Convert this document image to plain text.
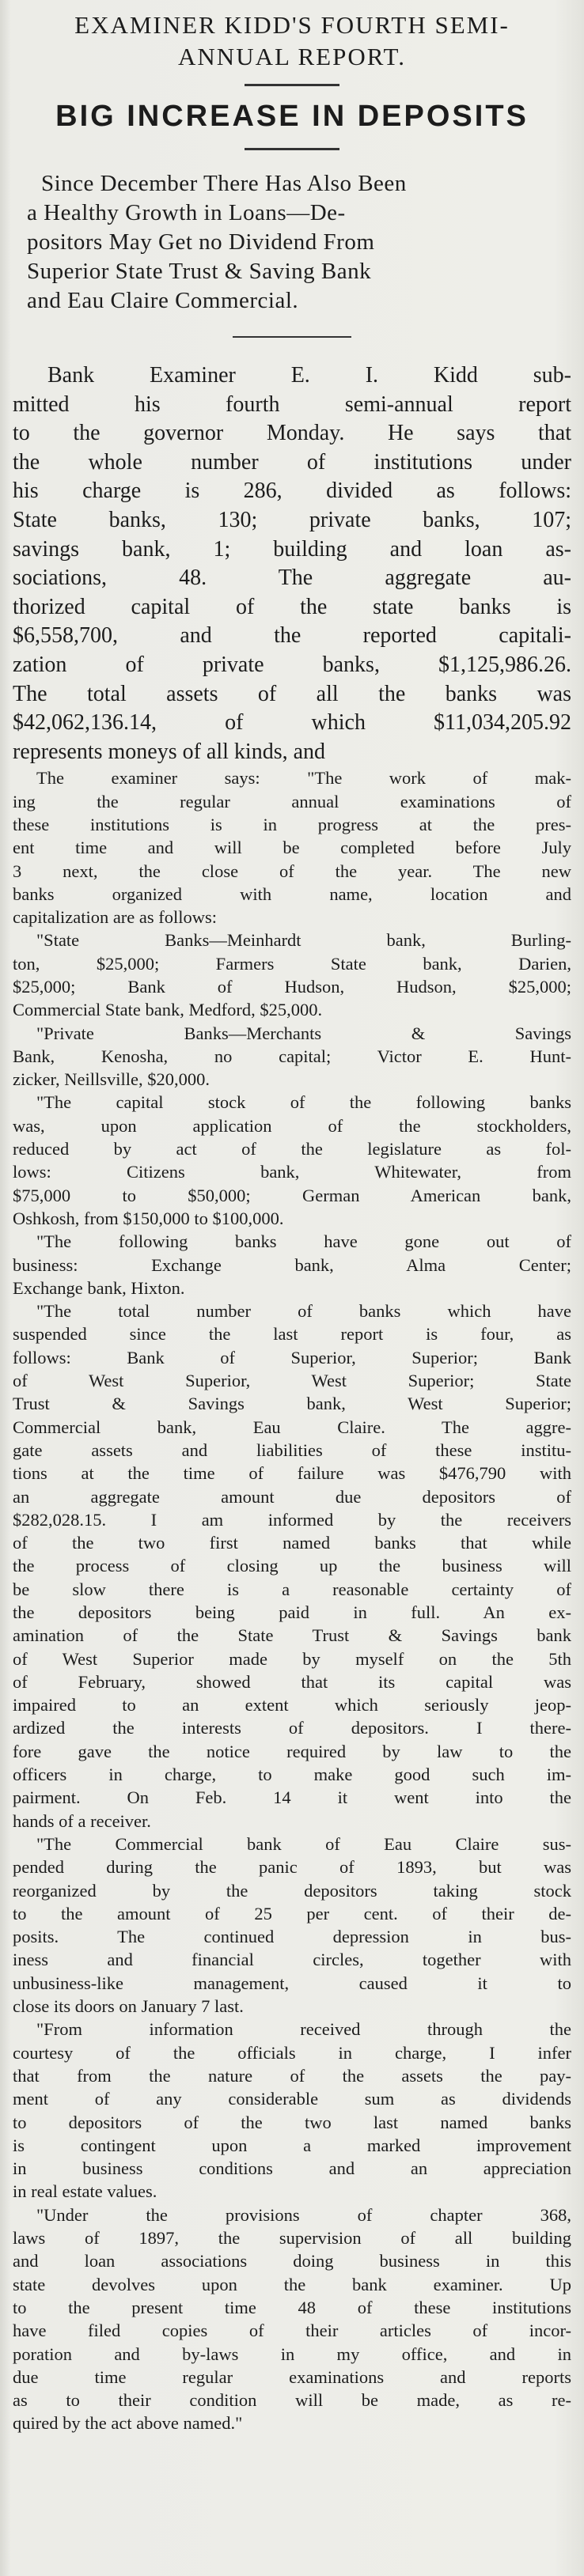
EXAMINER KIDD'S FOURTH SEMI-
ANNUAL REPORT.
BIG INCREASE IN DEPOSITS
Since December There Has Also Been
a Healthy Growth in Loans—De-
positors May Get no Dividend From
Superior State Trust & Saving Bank
and Eau Claire Commercial.
Bank Examiner E. I. Kidd sub-
mitted his fourth semi-annual report
to the governor Monday. He says that
the whole number of institutions under
his charge is 286, divided as follows:
State banks, 130; private banks, 107;
savings bank, 1; building and loan as-
sociations, 48. The aggregate au-
thorized capital of the state banks is
$6,558,700, and the reported capitali-
zation of private banks, $1,125,986.26.
The total assets of all the banks was
$42,062,136.14, of which $11,034,205.92
represents moneys of all kinds, and
The examiner says: "The work of mak-
ing the regular annual examinations of
these institutions is in progress at the pres-
ent time and will be completed before July
3 next, the close of the year. The new
banks organized with name, location and
capitalization are as follows:
"State Banks—Meinhardt bank, Burling-
ton, $25,000; Farmers State bank, Darien,
$25,000; Bank of Hudson, Hudson, $25,000;
Commercial State bank, Medford, $25,000.
"Private Banks—Merchants & Savings
Bank, Kenosha, no capital; Victor E. Hunt-
zicker, Neillsville, $20,000.
"The capital stock of the following banks
was, upon application of the stockholders,
reduced by act of the legislature as fol-
lows: Citizens bank, Whitewater, from
$75,000 to $50,000; German American bank,
Oshkosh, from $150,000 to $100,000.
"The following banks have gone out of
business: Exchange bank, Alma Center;
Exchange bank, Hixton.
"The total number of banks which have
suspended since the last report is four, as
follows: Bank of Superior, Superior; Bank
of West Superior, West Superior; State
Trust & Savings bank, West Superior;
Commercial bank, Eau Claire. The aggre-
gate assets and liabilities of these institu-
tions at the time of failure was $476,790 with
an aggregate amount due depositors of
$282,028.15. I am informed by the receivers
of the two first named banks that while
the process of closing up the business will
be slow there is a reasonable certainty of
the depositors being paid in full. An ex-
amination of the State Trust & Savings bank
of West Superior made by myself on the 5th
of February, showed that its capital was
impaired to an extent which seriously jeop-
ardized the interests of depositors. I there-
fore gave the notice required by law to the
officers in charge, to make good such im-
pairment. On Feb. 14 it went into the
hands of a receiver.
"The Commercial bank of Eau Claire sus-
pended during the panic of 1893, but was
reorganized by the depositors taking stock
to the amount of 25 per cent. of their de-
posits. The continued depression in bus-
iness and financial circles, together with
unbusiness-like management, caused it to
close its doors on January 7 last.
"From information received through the
courtesy of the officials in charge, I infer
that from the nature of the assets the pay-
ment of any considerable sum as dividends
to depositors of the two last named banks
is contingent upon a marked improvement
in business conditions and an appreciation
in real estate values.
"Under the provisions of chapter 368,
laws of 1897, the supervision of all building
and loan associations doing business in this
state devolves upon the bank examiner. Up
to the present time 48 of these institutions
have filed copies of their articles of incor-
poration and by-laws in my office, and in
due time regular examinations and reports
as to their condition will be made, as re-
quired by the act above named."
